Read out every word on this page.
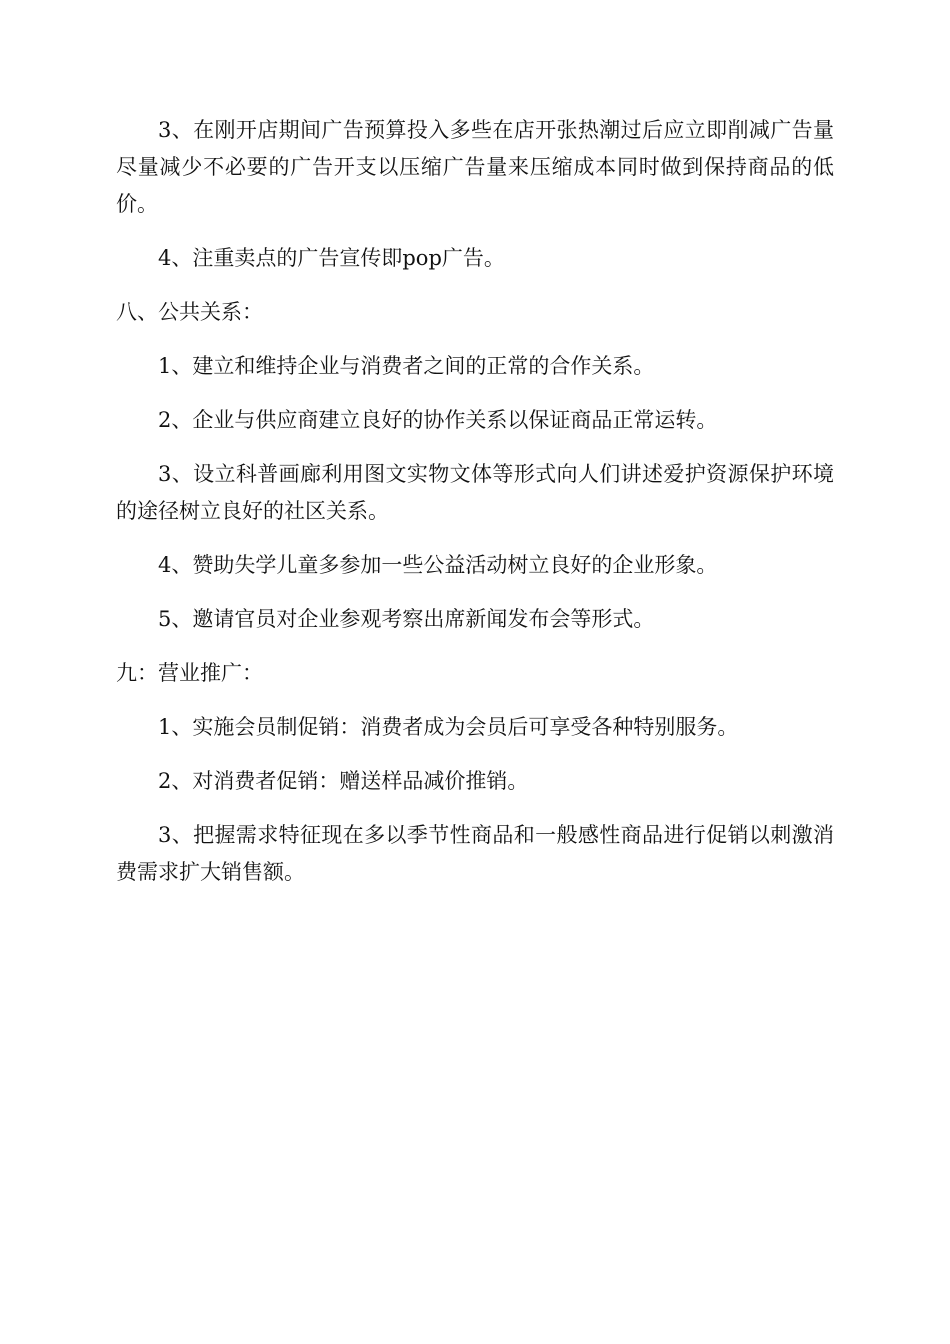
3、在刚开店期间广告预算投入多些在店开张热潮过后应立即削减广告量尽量减少不必要的广告开支以压缩广告量来压缩成本同时做到保持商品的低价。

4、注重卖点的广告宣传即pop广告。

八、公共关系：

1、建立和维持企业与消费者之间的正常的合作关系。

2、企业与供应商建立良好的协作关系以保证商品正常运转。

3、设立科普画廊利用图文实物文体等形式向人们讲述爱护资源保护环境的途径树立良好的社区关系。

4、赞助失学儿童多参加一些公益活动树立良好的企业形象。

5、邀请官员对企业参观考察出席新闻发布会等形式。

九：营业推广：

1、实施会员制促销：消费者成为会员后可享受各种特别服务。

2、对消费者促销：赠送样品减价推销。

3、把握需求特征现在多以季节性商品和一般感性商品进行促销以刺激消费需求扩大销售额。
